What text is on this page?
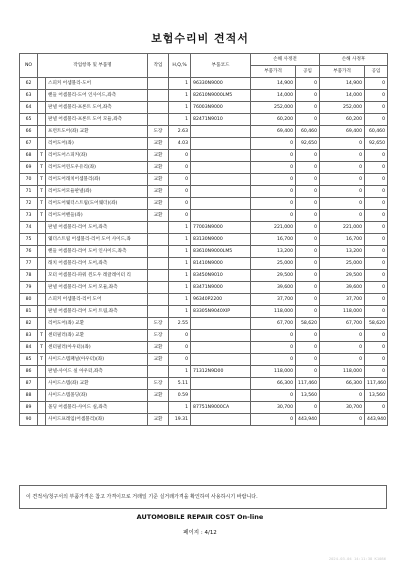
보험수리비 견적서
NO	작업항목 및 부품명		작업	H,Q,%	부품코드	손해 사정전		손해 사정후	
						부품가격	공임	부품가격	공임
62		스피커 어셈블리-도어		1	96330N9000	14,900	0	14,900	0
63		핸들 어셈블리-도어 인사이드,좌측		1	82610N9000LM5	14,000	0	14,000	0
64		판넬 어셈블리-프론트 도어,좌측		1	76003N9000	252,000	0	252,000	0
65		판넬 어셈블리-프론트 도어 모듈,좌측		1	82471N9010	60,200	0	60,200	0
66		프런트도어(좌) 교환	도장	2.63		69,400	60,460	69,400	60,460
67		리어도어(좌)	교환	4.03		0	92,650	0	92,650
68	T	리어도어스피커(좌)	교환	0		0	0	0	0
69	T	리어도어윈도우유리(좌)	교환	0		0	0	0	0
70	T	리어도어래치어셈블리(좌)	교환	0		0	0	0	0
71	T	리어도어모듈판넬(좌)	교환	0		0	0	0	0
72	T	리어도어웨더스트립(도어웨더)(좌)	교환	0		0	0	0	0
73	T	리어도어핸들(좌)	교환	0		0	0	0	0
74		판넬 어셈블리-리어 도어,좌측		1	77003N9000	221,000	0	221,000	0
75		웨더스트립 어셈블리-리어 도어 사이드,좌		1	83130N9000	16,700	0	16,700	0
76		핸들 어셈블리-리어 도어 인사이드,좌측		1	83610N9000LM5	13,200	0	13,200	0
77		래치 어셈블리-리어 도어,좌측		1	81410N9000	25,000	0	25,000	0
78		모터 어셈블리-파워 윈도우 레귤레이터 리		1	83450N9010	29,500	0	29,500	0
79		판넬 어셈블리-리어 도어 모듈,좌측		1	83471N9000	39,600	0	39,600	0
80		스피커 어셈블리-리어 도어		1	96340P2200	37,700	0	37,700	0
81		판넬 어셈블리-리어 도어 트림,좌측		1	83305N9040XIP	118,000	0	118,000	0
82		리어도어(좌) 교환	도장	2.55		67,700	58,620	67,700	58,620
83	T	센터필러(좌) 교환	도장	0		0	0	0	0
84	T	센터필러(아우터)(좌)	교환	0		0	0	0	0
85	T	사이드스텝패널(아우터)(좌)	교환	0		0	0	0	0
86		판넬-사이드 실 아우터,좌측		1	71312N9D00	118,000	0	118,000	0
87		사이드스텝(좌) 교환	도장	5.11		66,300	117,460	66,300	117,460
88		사이드스텝몰딩(좌)	교환	0.59		0	13,560	0	13,560
89		몰딩 어셈블리-사이드 실,좌측		1	87751N9000CA	30,700	0	30,700	0
90		사이드프레임(어셈블리)(좌)	교환	19.31		0	443,940	0	443,940
이 견적서/청구서의 부품가격은 참고 가격이므로 거래일 기준 실거래가격을 확인하여 사용하시기 바랍니다.
AUTOMOBILE REPAIR COST On-line
페이지 : 4/12
2024-03-04 14:11:38 K1086
